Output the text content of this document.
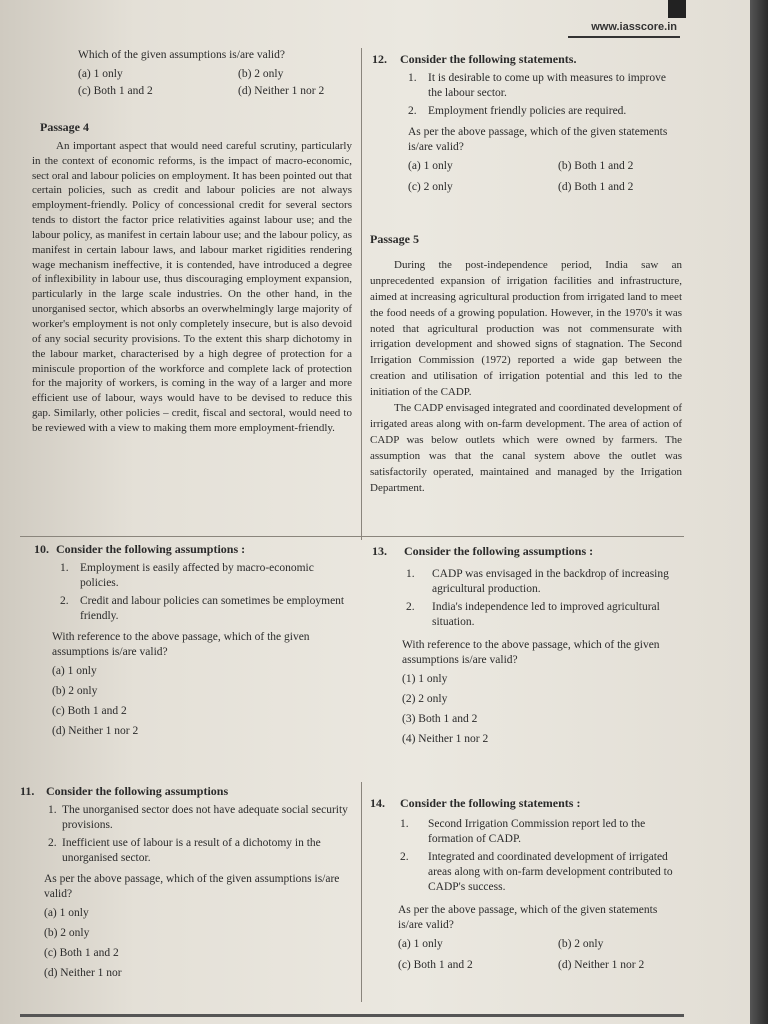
www.iasscore.in
Which of the given assumptions is/are valid?
(a) 1 only	(b) 2 only
(c) Both 1 and 2	(d) Neither 1 nor 2
Passage 4

An important aspect that would need careful scrutiny, particularly in the context of economic reforms, is the impact of macro-economic, sect oral and labour policies on employment. It has been pointed out that certain policies, such as credit and labour policies are not always employment-friendly. Policy of concessional credit for several sectors tends to distort the factor price relativities against labour use; and the labour policy, as manifest in certain labour use; and the labour policy, as manifest in certain labour laws, and labour market rigidities rendering wage mechanism ineffective, it is contended, have introduced a degree of inflexibility in labour use, thus discouraging employment expansion, particularly in the large scale industries. On the other hand, in the unorganised sector, which absorbs an overwhelmingly large majority of worker's employment is not only completely insecure, but is also devoid of any social security provisions. To the extent this sharp dichotomy in the labour market, characterised by a high degree of protection for a miniscule proportion of the workforce and complete lack of protection for the majority of workers, is coming in the way of a larger and more efficient use of labour, ways would have to be devised to reduce this gap. Similarly, other policies – credit, fiscal and sectoral, would need to be reviewed with a view to making them more employment-friendly.

10. Consider the following assumptions :
1. Employment is easily affected by macro-economic policies.
2. Credit and labour policies can sometimes be employment friendly.
With reference to the above passage, which of the given assumptions is/are valid?
(a) 1 only
(b) 2 only
(c) Both 1 and 2
(d) Neither 1 nor 2
11. Consider the following assumptions
1. The unorganised sector does not have adequate social security provisions.
2. Inefficient use of labour is a result of a dichotomy in the unorganised sector.
As per the above passage, which of the given assumptions is/are valid?
(a) 1 only
(b) 2 only
(c) Both 1 and 2
(d) Neither 1 nor
12. Consider the following statements.
1. It is desirable to come up with measures to improve the labour sector.
2. Employment friendly policies are required.
As per the above passage, which of the given statements is/are valid?
(a) 1 only	(b) Both 1 and 2
(c) 2 only	(d) Both 1 and 2
Passage 5

During the post-independence period, India saw an unprecedented expansion of irrigation facilities and infrastructure, aimed at increasing agricultural production from irrigated land to meet the food needs of a growing population. However, in the 1970's it was noted that agricultural production was not commensurate with irrigation development and showed signs of stagnation. The Second Irrigation Commission (1972) reported a wide gap between the creation and utilisation of irrigation potential and this led to the initiation of the CADP.

The CADP envisaged integrated and coordinated development of irrigated areas along with on-farm development. The area of action of CADP was below outlets which were owned by farmers. The assumption was that the canal system above the outlet was satisfactorily operated, maintained and managed by the Irrigation Department.

13. Consider the following assumptions :
1.	CADP was envisaged in the backdrop of increasing agricultural production.
2.	India's independence led to improved agricultural situation.
With reference to the above passage, which of the given assumptions is/are valid?
(1) 1 only
(2) 2 only
(3) Both 1 and 2
(4) Neither 1 nor 2
14. Consider the following statements :
1.	Second Irrigation Commission report led to the formation of CADP.
2.	Integrated and coordinated development of irrigated areas along with on-farm development contributed to CADP's success.
As per the above passage, which of the given statements is/are valid?
(a) 1 only	(b) 2 only
(c) Both 1 and 2	(d) Neither 1 nor 2
